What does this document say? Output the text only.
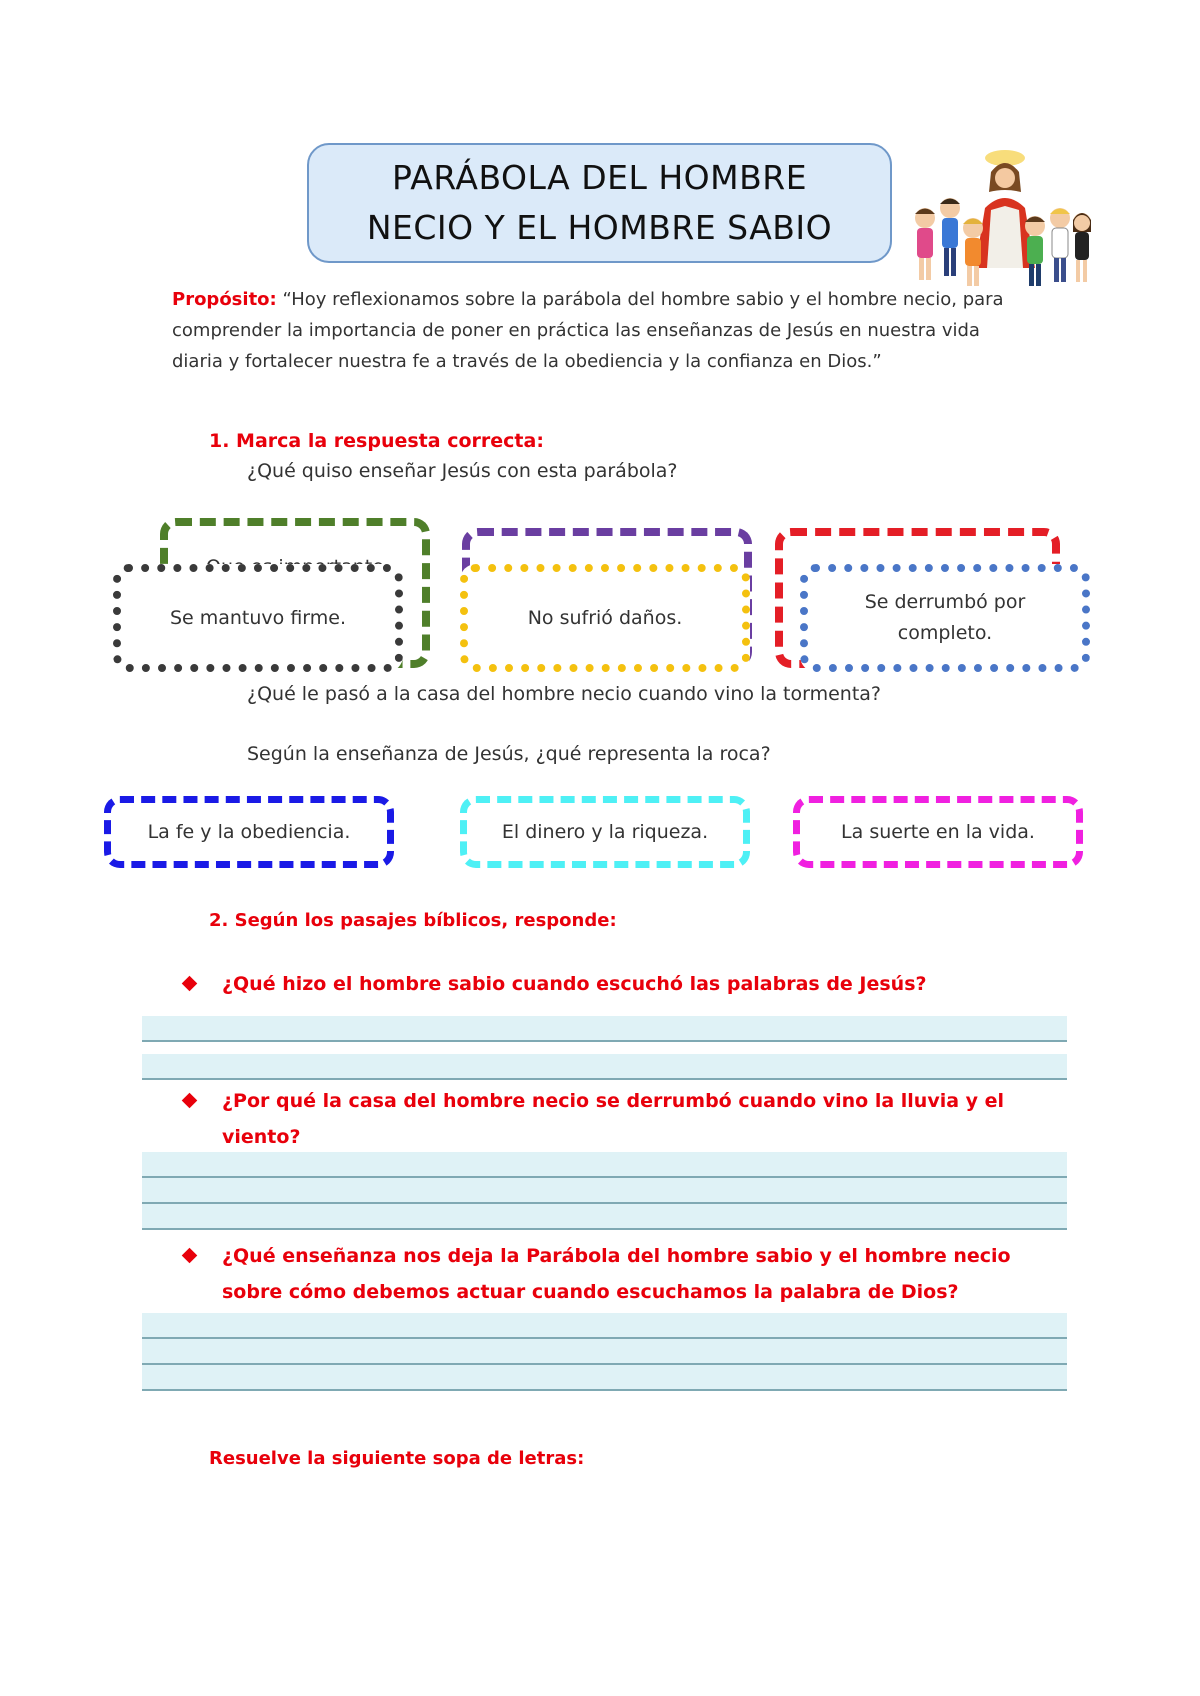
PARÁBOLA DEL HOMBRE
NECIO Y EL HOMBRE SABIO
Propósito: “Hoy reflexionamos sobre la parábola del hombre sabio y el hombre necio, para comprender la importancia de poner en práctica las enseñanzas de Jesús en nuestra vida diaria y fortalecer nuestra fe a través de la obediencia y la confianza en Dios.”
1. Marca la respuesta correcta:
¿Qué quiso enseñar Jesús con esta parábola?
Se mantuvo firme.	No sufrió daños.
Se derrumbó por completo.
¿Qué le pasó a la casa del hombre necio cuando vino la tormenta?
Según la enseñanza de Jesús, ¿qué representa la roca?
La fe y la obediencia.	El dinero y la riqueza.	La suerte en la vida.
2. Según los pasajes bíblicos, responde:
¿Qué hizo el hombre sabio cuando escuchó las palabras de Jesús?
¿Por qué la casa del hombre necio se derrumbó cuando vino la lluvia y el viento?
¿Qué enseñanza nos deja la Parábola del hombre sabio y el hombre necio sobre cómo debemos actuar cuando escuchamos la palabra de Dios?
Resuelve la siguiente sopa de letras:
